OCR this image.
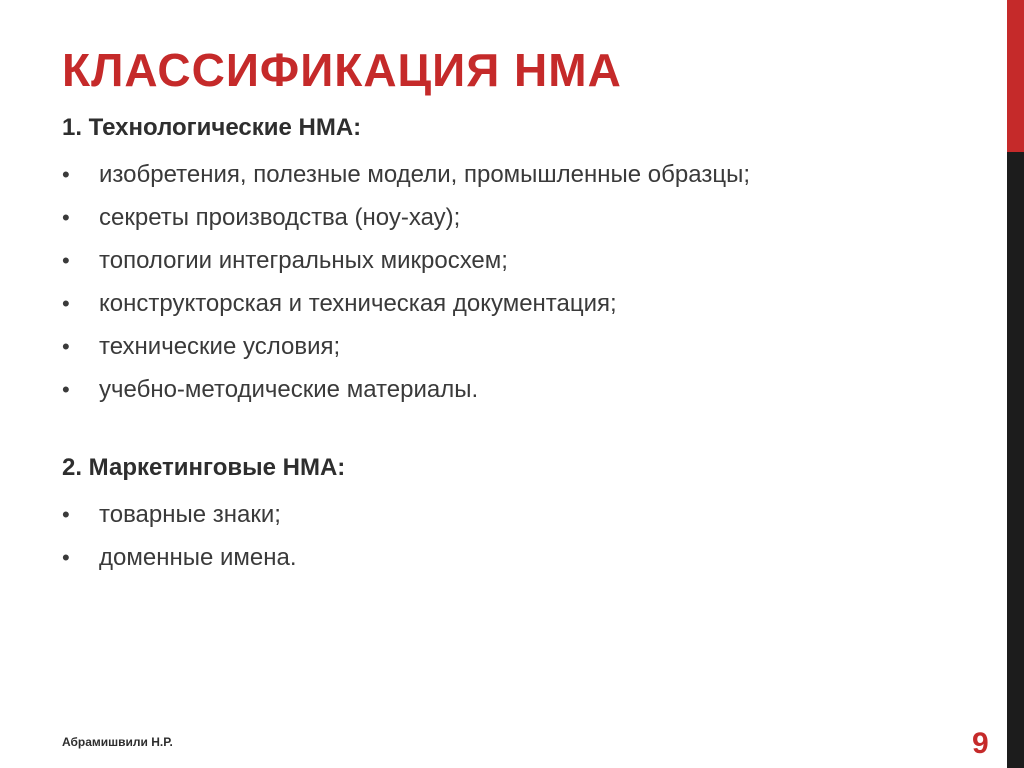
КЛАССИФИКАЦИЯ НМА

1. Технологические НМА:

• изобретения, полезные модели, промышленные образцы;
• секреты производства (ноу-хау);
• топологии интегральных микросхем;
• конструкторская и техническая документация;
• технические условия;
• учебно-методические материалы.

2. Маркетинговые НМА:

• товарные знаки;
• доменные имена.
Абрамишвили Н.Р.	9
